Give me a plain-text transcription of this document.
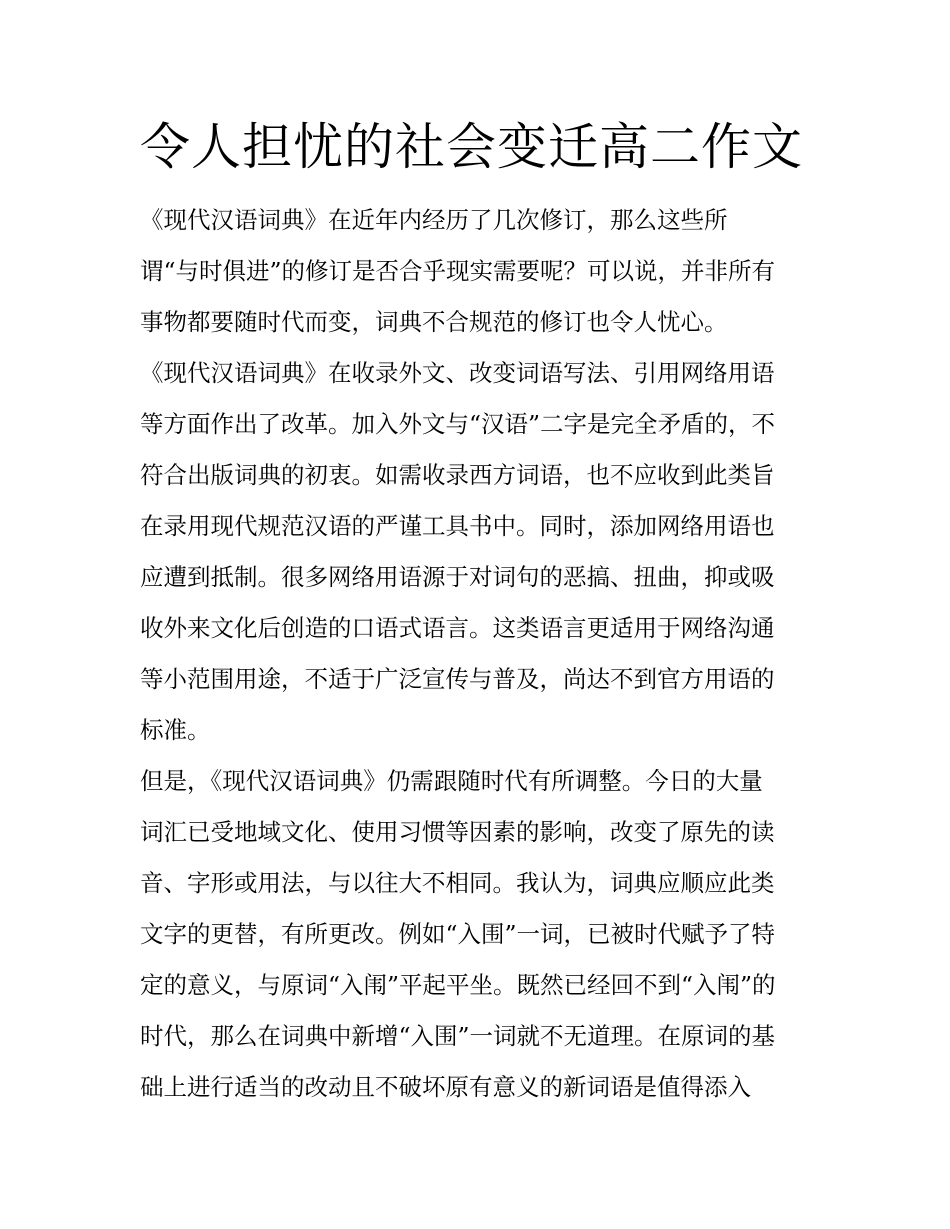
令人担忧的社会变迁高二作文

《现代汉语词典》在近年内经历了几次修订，那么这些所

谓“与时俱进”的修订是否合乎现实需要呢？可以说，并非所有

事物都要随时代而变，词典不合规范的修订也令人忧心。

《现代汉语词典》在收录外文、改变词语写法、引用网络用语

等方面作出了改革。加入外文与“汉语”二字是完全矛盾的，不

符合出版词典的初衷。如需收录西方词语，也不应收到此类旨

在录用现代规范汉语的严谨工具书中。同时，添加网络用语也

应遭到抵制。很多网络用语源于对词句的恶搞、扭曲，抑或吸

收外来文化后创造的口语式语言。这类语言更适用于网络沟通

等小范围用途，不适于广泛宣传与普及，尚达不到官方用语的

标准。

但是，《现代汉语词典》仍需跟随时代有所调整。今日的大量

词汇已受地域文化、使用习惯等因素的影响，改变了原先的读

音、字形或用法，与以往大不相同。我认为，词典应顺应此类

文字的更替，有所更改。例如“入围”一词，已被时代赋予了特

定的意义，与原词“入闱”平起平坐。既然已经回不到“入闱”的

时代，那么在词典中新增“入围”一词就不无道理。在原词的基

础上进行适当的改动且不破坏原有意义的新词语是值得添入
